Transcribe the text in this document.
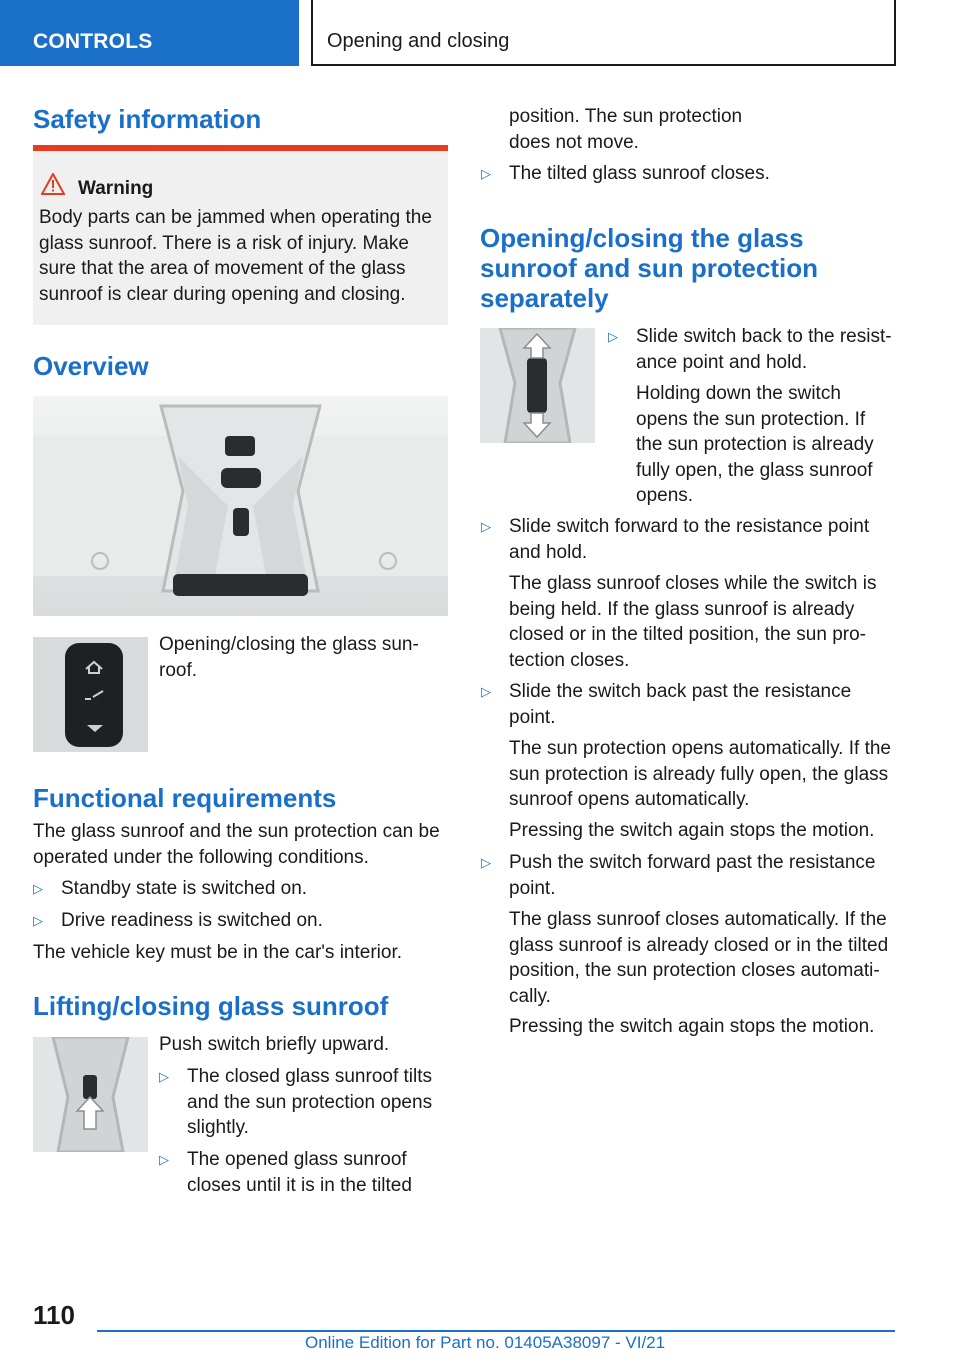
CONTROLS	Opening and closing
Safety information
Warning
Body parts can be jammed when operating the
glass sunroof. There is a risk of injury. Make
sure that the area of movement of the glass
sunroof is clear during opening and closing.
Overview
Opening/closing the glass sun‐
roof.
Functional requirements
The glass sunroof and the sun protection can be
operated under the following conditions.
▷ Standby state is switched on.
▷ Drive readiness is switched on.
The vehicle key must be in the car's interior.
Lifting/closing glass sunroof
Push switch briefly upward.
▷ The closed glass sunroof tilts
and the sun protection opens
slightly.
▷ The opened glass sunroof
closes until it is in the tilted
position. The sun protection
does not move.
▷ The tilted glass sunroof closes.
Opening/closing the glass
sunroof and sun protection
separately
▷ Slide switch back to the resist‐
ance point and hold.
Holding down the switch
opens the sun protection. If
the sun protection is already
fully open, the glass sunroof
opens.
▷ Slide switch forward to the resistance point
and hold.
The glass sunroof closes while the switch is
being held. If the glass sunroof is already
closed or in the tilted position, the sun pro‐
tection closes.
▷ Slide the switch back past the resistance
point.
The sun protection opens automatically. If the
sun protection is already fully open, the glass
sunroof opens automatically.
Pressing the switch again stops the motion.
▷ Push the switch forward past the resistance
point.
The glass sunroof closes automatically. If the
glass sunroof is already closed or in the tilted
position, the sun protection closes automati‐
cally.
Pressing the switch again stops the motion.
110
Online Edition for Part no. 01405A38097 - VI/21
